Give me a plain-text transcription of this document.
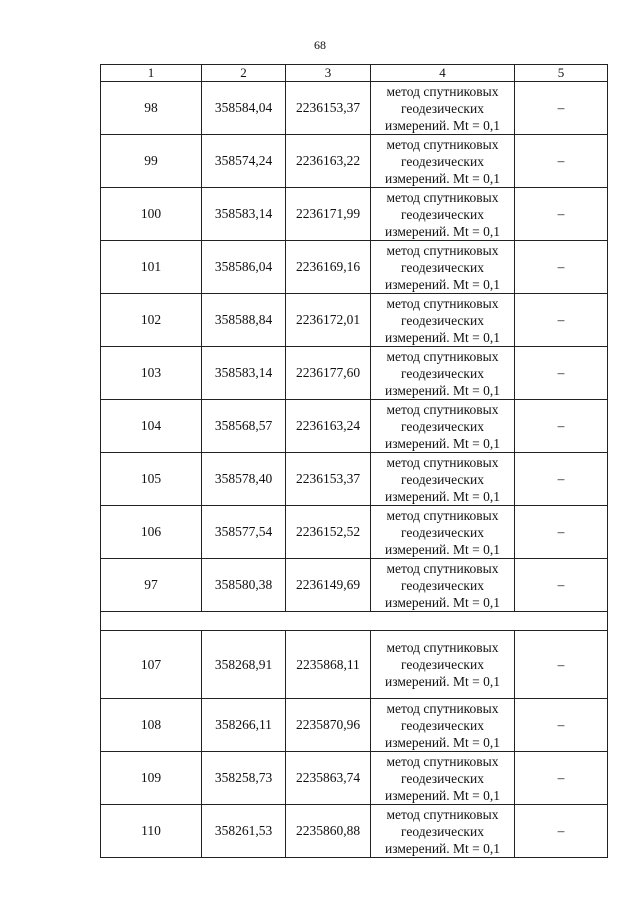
68
1	2	3	4	5
98	358584,04	2236153,37	метод спутниковых
геодезических
измерений. Mt = 0,1	–
99	358574,24	2236163,22	метод спутниковых
геодезических
измерений. Mt = 0,1	–
100	358583,14	2236171,99	метод спутниковых
геодезических
измерений. Mt = 0,1	–
101	358586,04	2236169,16	метод спутниковых
геодезических
измерений. Mt = 0,1	–
102	358588,84	2236172,01	метод спутниковых
геодезических
измерений. Mt = 0,1	–
103	358583,14	2236177,60	метод спутниковых
геодезических
измерений. Mt = 0,1	–
104	358568,57	2236163,24	метод спутниковых
геодезических
измерений. Mt = 0,1	–
105	358578,40	2236153,37	метод спутниковых
геодезических
измерений. Mt = 0,1	–
106	358577,54	2236152,52	метод спутниковых
геодезических
измерений. Mt = 0,1	–
97	358580,38	2236149,69	метод спутниковых
геодезических
измерений. Mt = 0,1	–

107	358268,91	2235868,11	метод спутниковых
геодезических
измерений. Mt = 0,1	–
108	358266,11	2235870,96	метод спутниковых
геодезических
измерений. Mt = 0,1	–
109	358258,73	2235863,74	метод спутниковых
геодезических
измерений. Mt = 0,1	–
110	358261,53	2235860,88	метод спутниковых
геодезических
измерений. Mt = 0,1	–
